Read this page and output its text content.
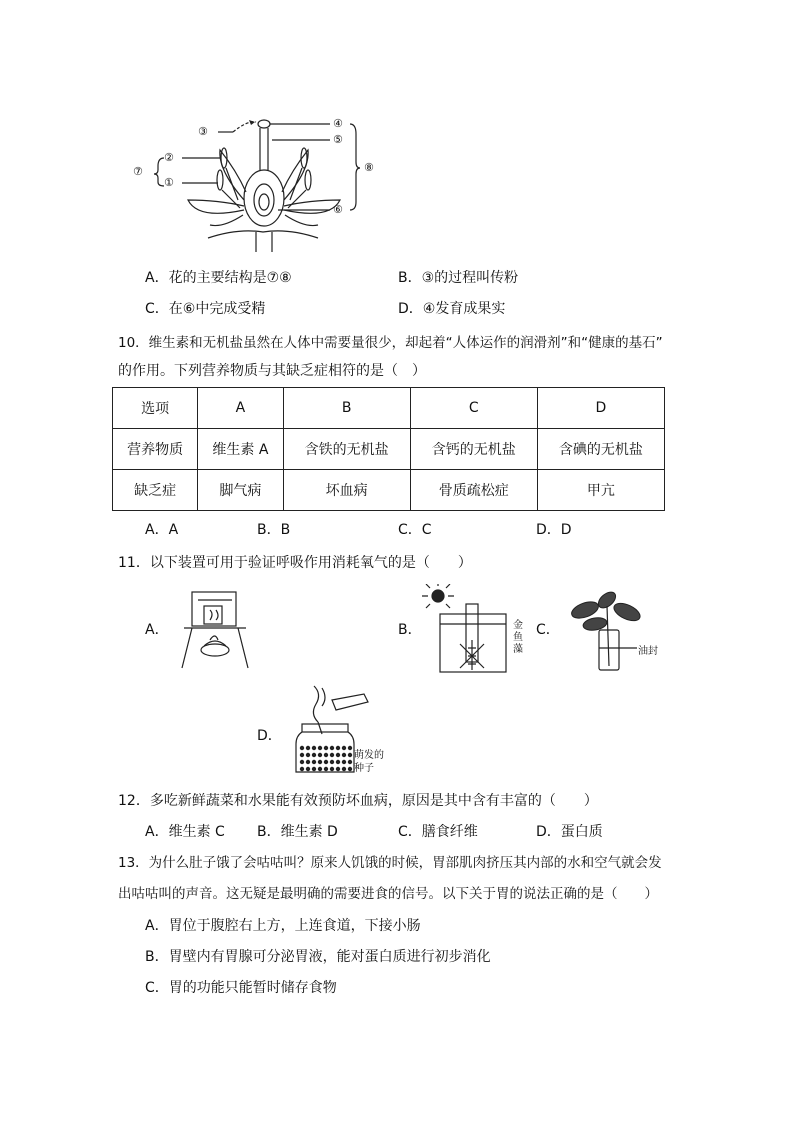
③
②
①
⑦
④
⑤
⑧
⑥
A．花的主要结构是⑦⑧	B．③的过程叫传粉
C．在⑥中完成受精	D．④发育成果实
10．维生素和无机盐虽然在人体中需要量很少，却起着“人体运作的润滑剂”和“健康的基石”
的作用。下列营养物质与其缺乏症相符的是（　）
选项	A	B	C	D
营养物质	维生素 A	含铁的无机盐	含钙的无机盐	含碘的无机盐
缺乏症	脚气病	坏血病	骨质疏松症	甲亢
A．A	B．B	C．C	D．D
11．以下装置可用于验证呼吸作用消耗氧气的是（　　）
A．	B．	金鱼藻
C．
油封
D．
萌发的
种子
12．多吃新鲜蔬菜和水果能有效预防坏血病，原因是其中含有丰富的（　　）
A．维生素 C B．维生素 D	C．膳食纤维	D．蛋白质
13．为什么肚子饿了会咕咕叫？原来人饥饿的时候，胃部肌肉挤压其内部的水和空气就会发
出咕咕叫的声音。这无疑是最明确的需要进食的信号。以下关于胃的说法正确的是（　　）
A．胃位于腹腔右上方，上连食道，下接小肠
B．胃壁内有胃腺可分泌胃液，能对蛋白质进行初步消化
C．胃的功能只能暂时储存食物
